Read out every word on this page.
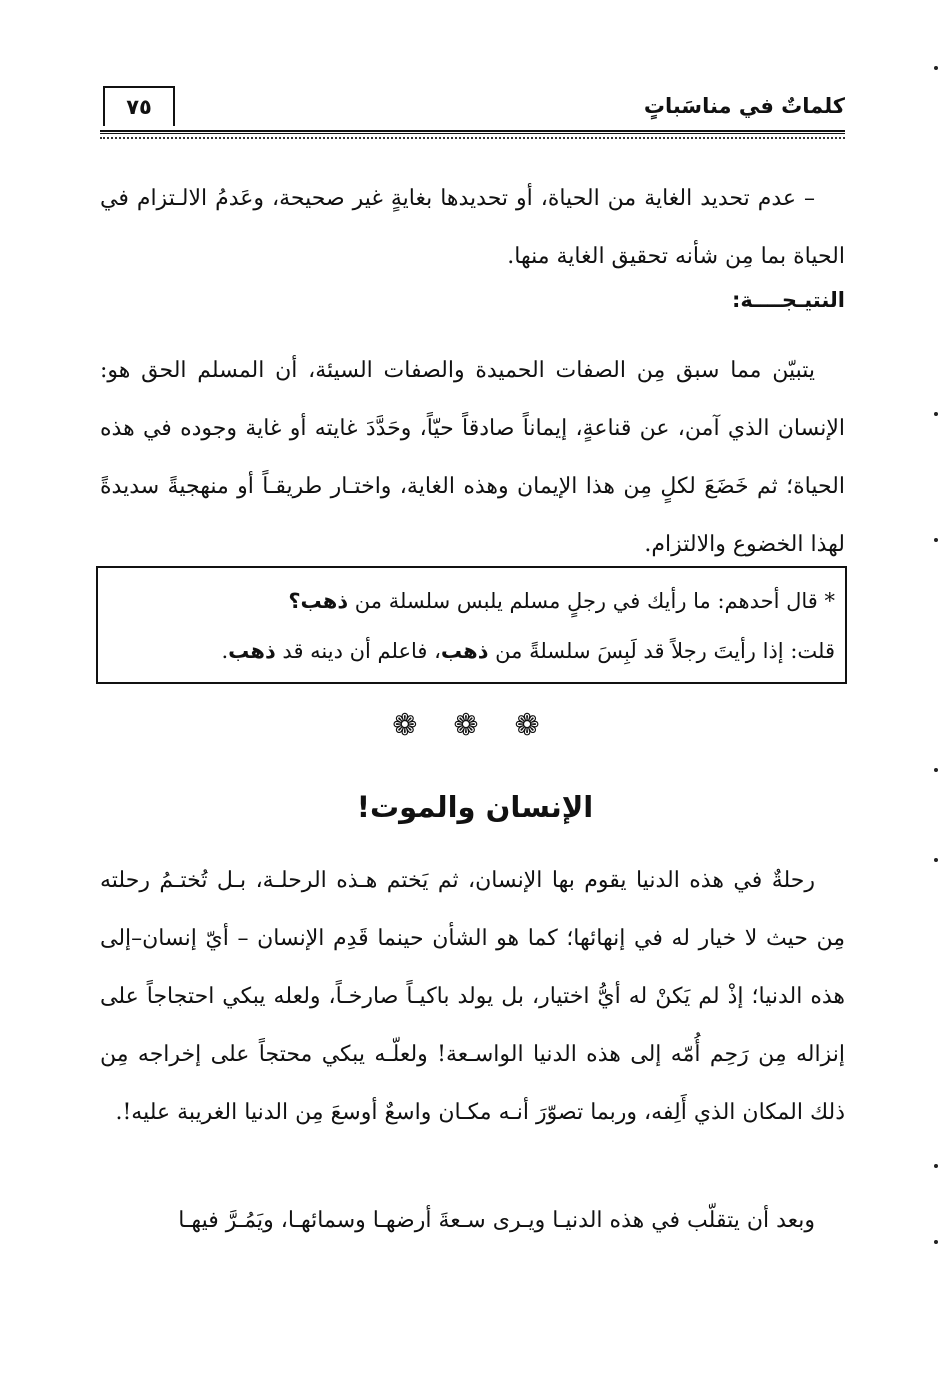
كلماتٌ في مناسَباتٍ
٧٥

– عدم تحديد الغاية من الحياة، أو تحديدها بغايةٍ غير صحيحة، وعَدمُ الالـتزام في الحياة بما مِن شأنه تحقيق الغاية منها.

النتيـجــــة:

يتبيّن مما سبق مِن الصفات الحميدة والصفات السيئة، أن المسلم الحق هو: الإنسان الذي آمن، عن قناعةٍ، إيماناً صادقاً حيّاً، وحَدَّدَ غايته أو غاية وجوده في هذه الحياة؛ ثم خَضَعَ لكلٍ مِن هذا الإيمان وهذه الغاية، واختـار طريقـاً أو منهجيةً سديدةً لهذا الخضوع والالتزام.

* قال أحدهم: ما رأيك في رجلٍ مسلم يلبس سلسلة من ذهب؟

قلت: إذا رأيتَ رجلاً قد لَبِسَ سلسلةً من ذهب، فاعلم أن دينه قد ذهب.

❁❁❁
الإنسان والموت!

رحلةٌ في هذه الدنيا يقوم بها الإنسان، ثم يَختم هـذه الرحلـة، بـل تُختـمُ رحلته مِن حيث لا خيار له في إنهائها؛ كما هو الشأن حينما قَدِم الإنسان – أيّ إنسان–إلى هذه الدنيا؛ إذْ لم يَكنْ له أيُّ اختيار، بل يولد باكيـاً صارخـاً، ولعله يبكي احتجاجاً على إنزاله مِن رَحِم أُمّه إلى هذه الدنيا الواسـعة! ولعلّـه يبكي محتجاً على إخراجه مِن ذلك المكان الذي أَلِفه، وربما تصوّرَ أنـه مكـان واسعٌ أوسعَ مِن الدنيا الغريبة عليه!.

وبعد أن يتقلّب في هذه الدنيـا ويـرى سـعةَ أرضهـا وسمائهـا، ويَمُـرَّ فيهـا
